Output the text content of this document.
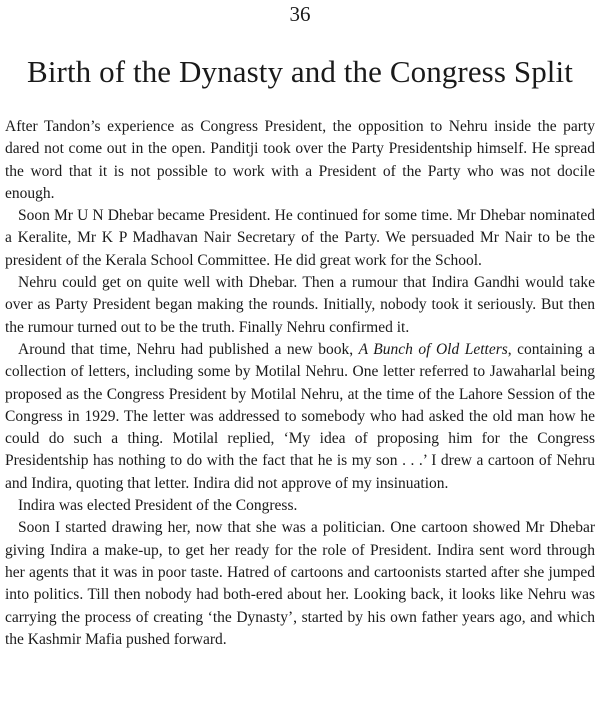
36
Birth of the Dynasty and the Congress Split

After Tandon’s experience as Congress President, the opposition to Nehru inside the party dared not come out in the open. Panditji took over the Party Presidentship himself. He spread the word that it is not possible to work with a President of the Party who was not docile enough.

Soon Mr U N Dhebar became President. He continued for some time. Mr Dhebar nominated a Keralite, Mr K P Madhavan Nair Secretary of the Party. We persuaded Mr Nair to be the president of the Kerala School Committee. He did great work for the School.

Nehru could get on quite well with Dhebar. Then a rumour that Indira Gandhi would take over as Party President began making the rounds. Initially, nobody took it seriously. But then the rumour turned out to be the truth. Finally Nehru confirmed it.

Around that time, Nehru had published a new book, A Bunch of Old Letters, containing a collection of letters, including some by Motilal Nehru. One letter referred to Jawaharlal being proposed as the Congress President by Motilal Nehru, at the time of the Lahore Session of the Congress in 1929. The letter was addressed to somebody who had asked the old man how he could do such a thing. Motilal replied, ‘My idea of proposing him for the Congress Presidentship has nothing to do with the fact that he is my son . . .’ I drew a cartoon of Nehru and Indira, quoting that letter. Indira did not approve of my insinuation.

Indira was elected President of the Congress.

Soon I started drawing her, now that she was a politician. One cartoon showed Mr Dhebar giving Indira a make-up, to get her ready for the role of President. Indira sent word through her agents that it was in poor taste. Hatred of cartoons and cartoonists started after she jumped into politics. Till then nobody had both-ered about her. Looking back, it looks like Nehru was carrying the process of creating ‘the Dynasty’, started by his own father years ago, and which the Kashmir Mafia pushed forward.
